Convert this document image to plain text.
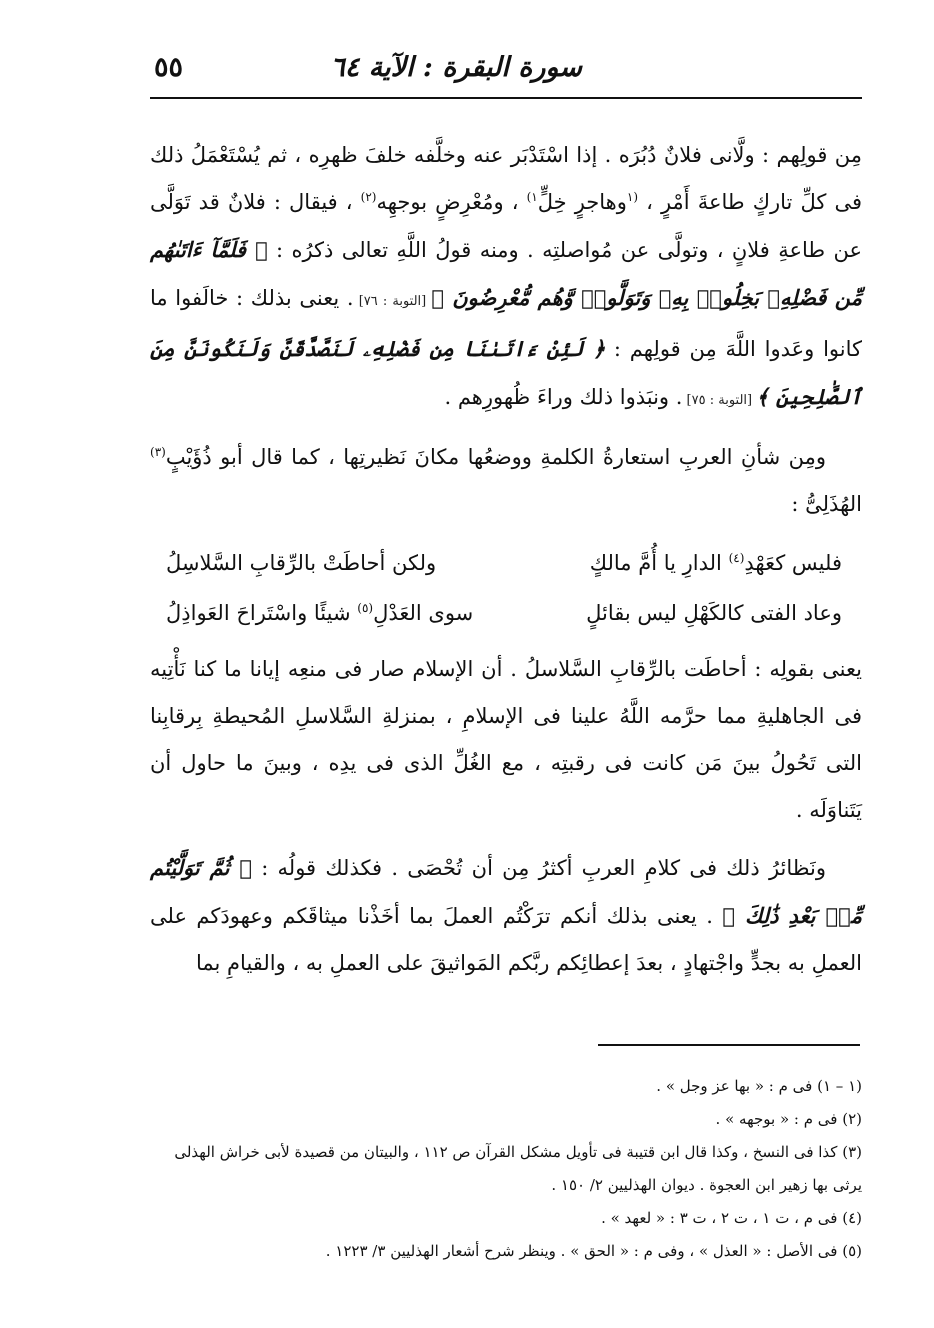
سورة البقرة : الآية ٦٤
٥٥

مِن قولِهم : ولَّانى فلانٌ دُبُرَه . إذا اسْتَدْبَر عنه وخلَّفه خلفَ ظهرِه ، ثم يُسْتَعْمَلُ ذلك فى كلِّ تاركٍ طاعةَ أَمْرٍ ، $^{(١}$وهاجرٍ خِلٍّ$^{١)}$ ، ومُعْرِضٍ بوجهِه$^{(٢)}$ ، فيقال : فلانٌ قد تَوَلَّى عن طاعةِ فلانٍ ، وتولَّى عن مُواصلتِه . ومنه قولُ اللَّهِ تعالى ذكرُه : ﴿ فَلَمَّآ ءَاتَىٰهُم مِّن فَضْلِهِۦ بَخِلُوا۟ بِهِۦ وَتَوَلَّوا۟ وَّهُم مُّعْرِضُونَ ﴾ [التوبة : ٧٦] . يعنى بذلك : خالَفوا ما كانوا وعَدوا اللَّهَ مِن قولِهم : ﴿ لَئِنْ ءَاتَىٰنَا مِن فَضْلِهِۦ لَنَصَّدَّقَنَّ وَلَنَكُونَنَّ مِنَ ٱلصَّٰلِحِينَ ﴾ [التوبة : ٧٥] . ونبَذوا ذلك وراءَ ظُهورِهم .

ومِن شأنِ العربِ استعارةُ الكلمةِ ووضعُها مكانَ نَظيرتِها ، كما قال أبو ذُؤَيْبٍ$^{(٣)}$ الهُذَلِىُّ :

فليس كعَهْدِ$^{(٤)}$ الدارِ يا أُمَّ مالكٍ
ولكن أحاطَتْ بالرِّقابِ السَّلاسِلُ
وعاد الفتى كالكَهْلِ ليس بقائلٍ
سوى العَدْلِ$^{(٥)}$ شيئًا واسْتَراحَ العَواذِلُ

يعنى بقولِه : أحاطَت بالرِّقابِ السَّلاسلُ . أن الإسلام صار فى منعِه إيانا ما كنا نَأْتِيه فى الجاهليةِ مما حرَّمه اللَّهُ علينا فى الإسلامِ ، بمنزلةِ السَّلاسلِ المُحيطةِ بِرقابِنا التى تَحُولُ بينَ مَن كانت فى رقبتِه ، مع الغُلِّ الذى فى يدِه ، وبينَ ما حاول أن يَتَناوَلَه .

ونَظائرُ ذلك فى كلامِ العربِ أكثرُ مِن أن تُحْصَى . فكذلك قولُه : ﴿ ثُمَّ تَوَلَّيْتُم مِّنۢ بَعْدِ ذَٰلِكَ ﴾ . يعنى بذلك أنكم ترَكْتُم العملَ بما أخَذْنا ميثاقَكم وعهودَكم على العملِ به بجدٍّ واجْتهادٍ ، بعدَ إعطائِكم ربَّكم المَواثيقَ على العملِ به ، والقيامِ بما

(١ – ١) فى م : « بها عز وجل » .

(٢) فى م : « بوجهه » .

(٣) كذا فى النسخ ، وكذا قال ابن قتيبة فى تأويل مشكل القرآن ص ١١٢ ، والبيتان من قصيدة لأبى خراش الهذلى يرثى بها زهير ابن العجوة . ديوان الهذليين ٢/ ١٥٠ .

(٤) فى م ، ت ١ ، ت ٢ ، ت ٣ : « لعهد » .

(٥) فى الأصل : « العذل » ، وفى م : « الحق » . وينظر شرح أشعار الهذليين ٣/ ١٢٢٣ .
